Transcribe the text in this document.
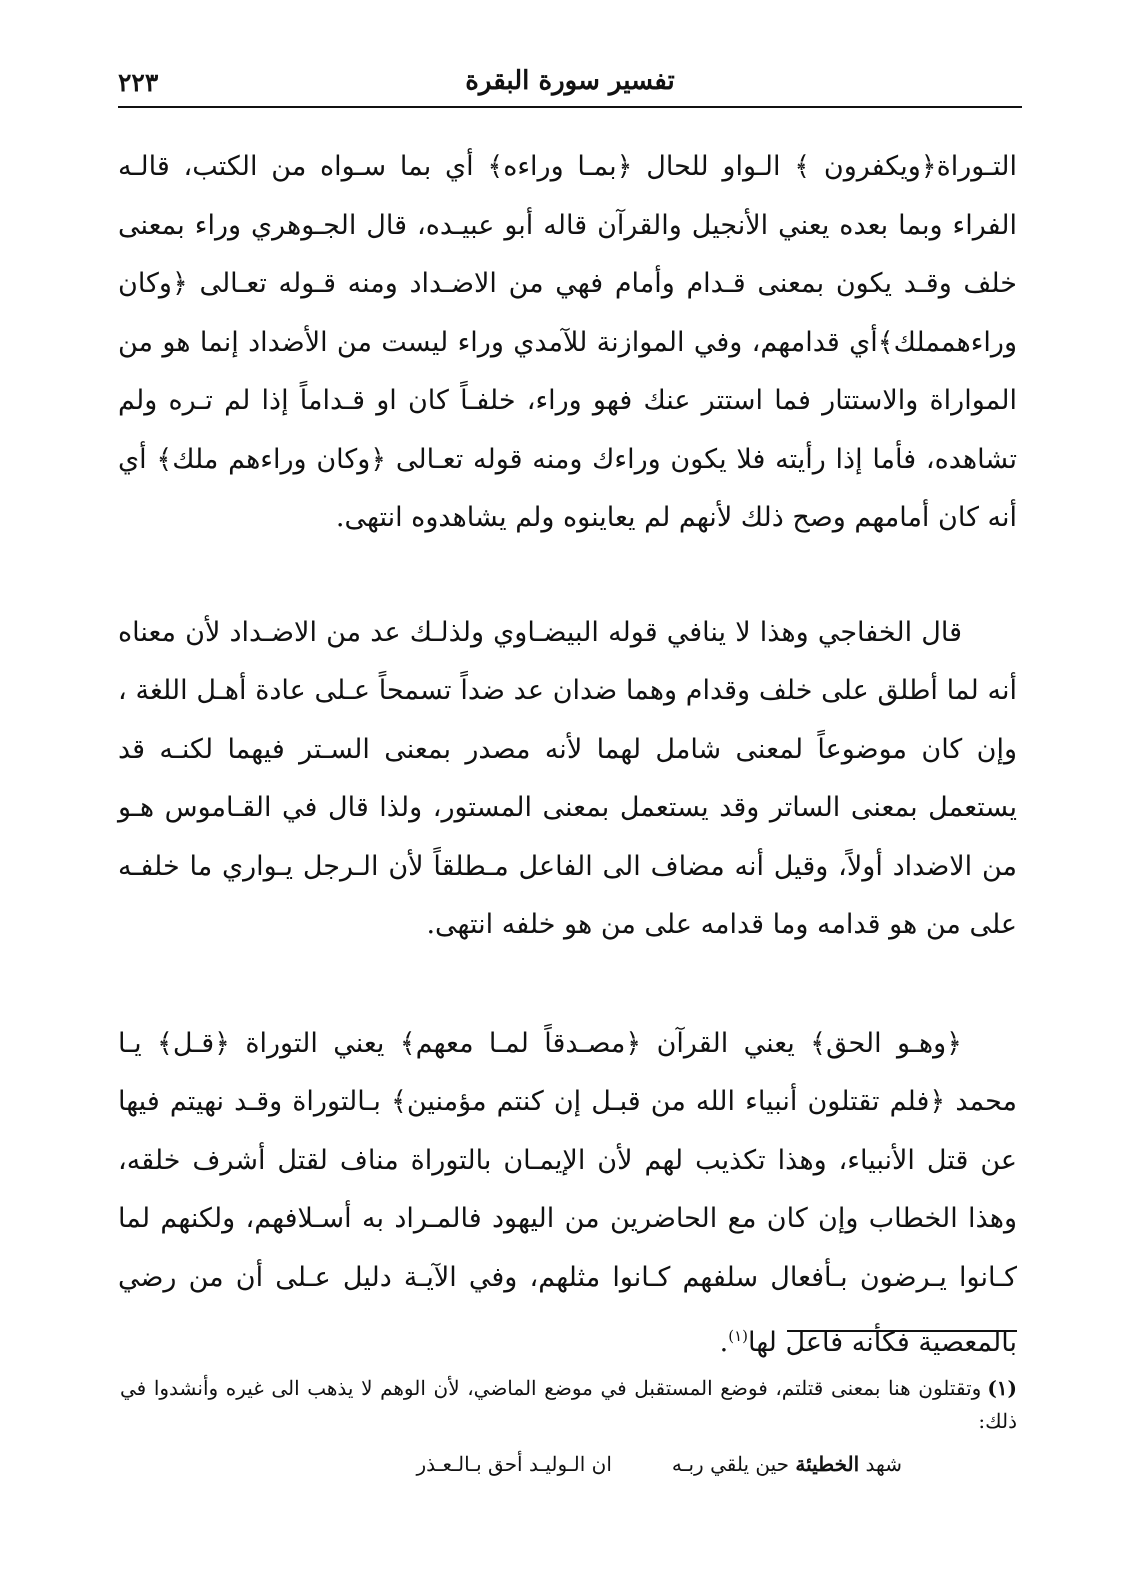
تفسير سورة البقرة
٢٢٣

التـوراة﴿ويكفرون ﴾ الـواو للحال ﴿بمـا وراءه﴾ أي بما سـواه من الكتب، قالـه الفراء وبما بعده يعني الأنجيل والقرآن قاله أبو عبيـده، قال الجـوهري وراء بمعنى خلف وقـد يكون بمعنى قـدام وأمام فهي من الاضـداد ومنه قـوله تعـالى ﴿وكان وراءهمملك﴾أي قدامهم، وفي الموازنة للآمدي وراء ليست من الأضداد إنما هو من المواراة والاستتار فما استتر عنك فهو وراء، خلفـاً كان او قـداماً إذا لم تـره ولم تشاهده، فأما إذا رأيته فلا يكون وراءك ومنه قوله تعـالى ﴿وكان وراءهم ملك﴾ أي أنه كان أمامهم وصح ذلك لأنهم لم يعاينوه ولم يشاهدوه انتهى.

قال الخفاجي وهذا لا ينافي قوله البيضـاوي ولذلـك عد من الاضـداد لأن معناه أنه لما أطلق على خلف وقدام وهما ضدان عد ضداً تسمحاً عـلى عادة أهـل اللغة ، وإن كان موضوعاً لمعنى شامل لهما لأنه مصدر بمعنى السـتر فيهما لكنـه قد يستعمل بمعنى الساتر وقد يستعمل بمعنى المستور، ولذا قال في القـاموس هـو من الاضداد أولاً، وقيل أنه مضاف الى الفاعل مـطلقاً لأن الـرجل يـواري ما خلفـه على من هو قدامه وما قدامه على من هو خلفه انتهى.

﴿وهـو الحق﴾ يعني القرآن ﴿مصـدقاً لمـا معهم﴾ يعني التوراة ﴿قـل﴾ يـا محمد ﴿فلم تقتلون أنبياء الله من قبـل إن كنتم مؤمنين﴾ بـالتوراة وقـد نهيتم فيها عن قتل الأنبياء، وهذا تكذيب لهم لأن الإيمـان بالتوراة مناف لقتل أشرف خلقه، وهذا الخطاب وإن كان مع الحاضرين من اليهود فالمـراد به أسـلافهم، ولكنهم لما كـانوا يـرضون بـأفعال سلفهم كـانوا مثلهم، وفي الآيـة دليل عـلى أن من رضي بالمعصية فكأنه فاعل لها$^{(١)}$.

(١)وتقتلون هنا بمعنى قتلتم، فوضع المستقبل في موضع الماضي، لأن الوهم لا يذهب الى غيره وأنشدوا في ذلك:

شهد الخطيئة حين يلقي ربـه
ان الـوليـد أحق بـالـعـذر
